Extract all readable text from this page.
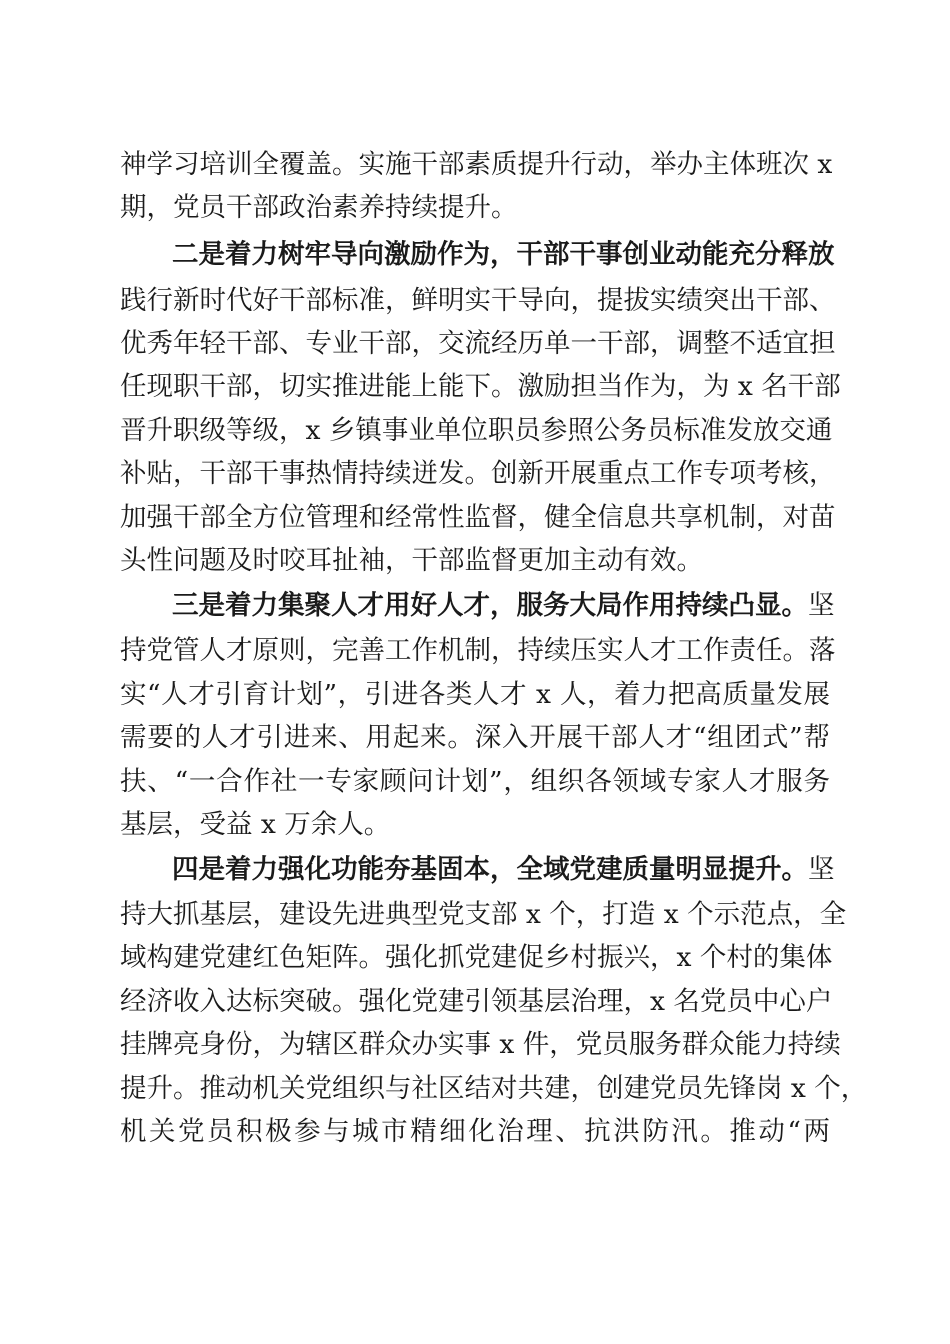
神学习培训全覆盖。实施干部素质提升行动，举办主体班次 x
期，党员干部政治素养持续提升。
二是着力树牢导向激励作为，干部干事创业动能充分释放
践行新时代好干部标准，鲜明实干导向，提拔实绩突出干部、
优秀年轻干部、专业干部，交流经历单一干部，调整不适宜担
任现职干部，切实推进能上能下。激励担当作为，为 x 名干部
晋升职级等级，x 乡镇事业单位职员参照公务员标准发放交通
补贴，干部干事热情持续迸发。创新开展重点工作专项考核，
加强干部全方位管理和经常性监督，健全信息共享机制，对苗
头性问题及时咬耳扯袖，干部监督更加主动有效。
三是着力集聚人才用好人才，服务大局作用持续凸显。坚
持党管人才原则，完善工作机制，持续压实人才工作责任。落
实“人才引育计划”，引进各类人才 x 人，着力把高质量发展
需要的人才引进来、用起来。深入开展干部人才“组团式”帮
扶、“一合作社一专家顾问计划”，组织各领域专家人才服务
基层，受益 x 万余人。
四是着力强化功能夯基固本，全域党建质量明显提升。坚
持大抓基层，建设先进典型党支部 x 个，打造 x 个示范点，全
域构建党建红色矩阵。强化抓党建促乡村振兴，x 个村的集体
经济收入达标突破。强化党建引领基层治理，x 名党员中心户
挂牌亮身份，为辖区群众办实事 x 件，党员服务群众能力持续
提升。推动机关党组织与社区结对共建，创建党员先锋岗 x 个，
机关党员积极参与城市精细化治理、抗洪防汛。推动“两
